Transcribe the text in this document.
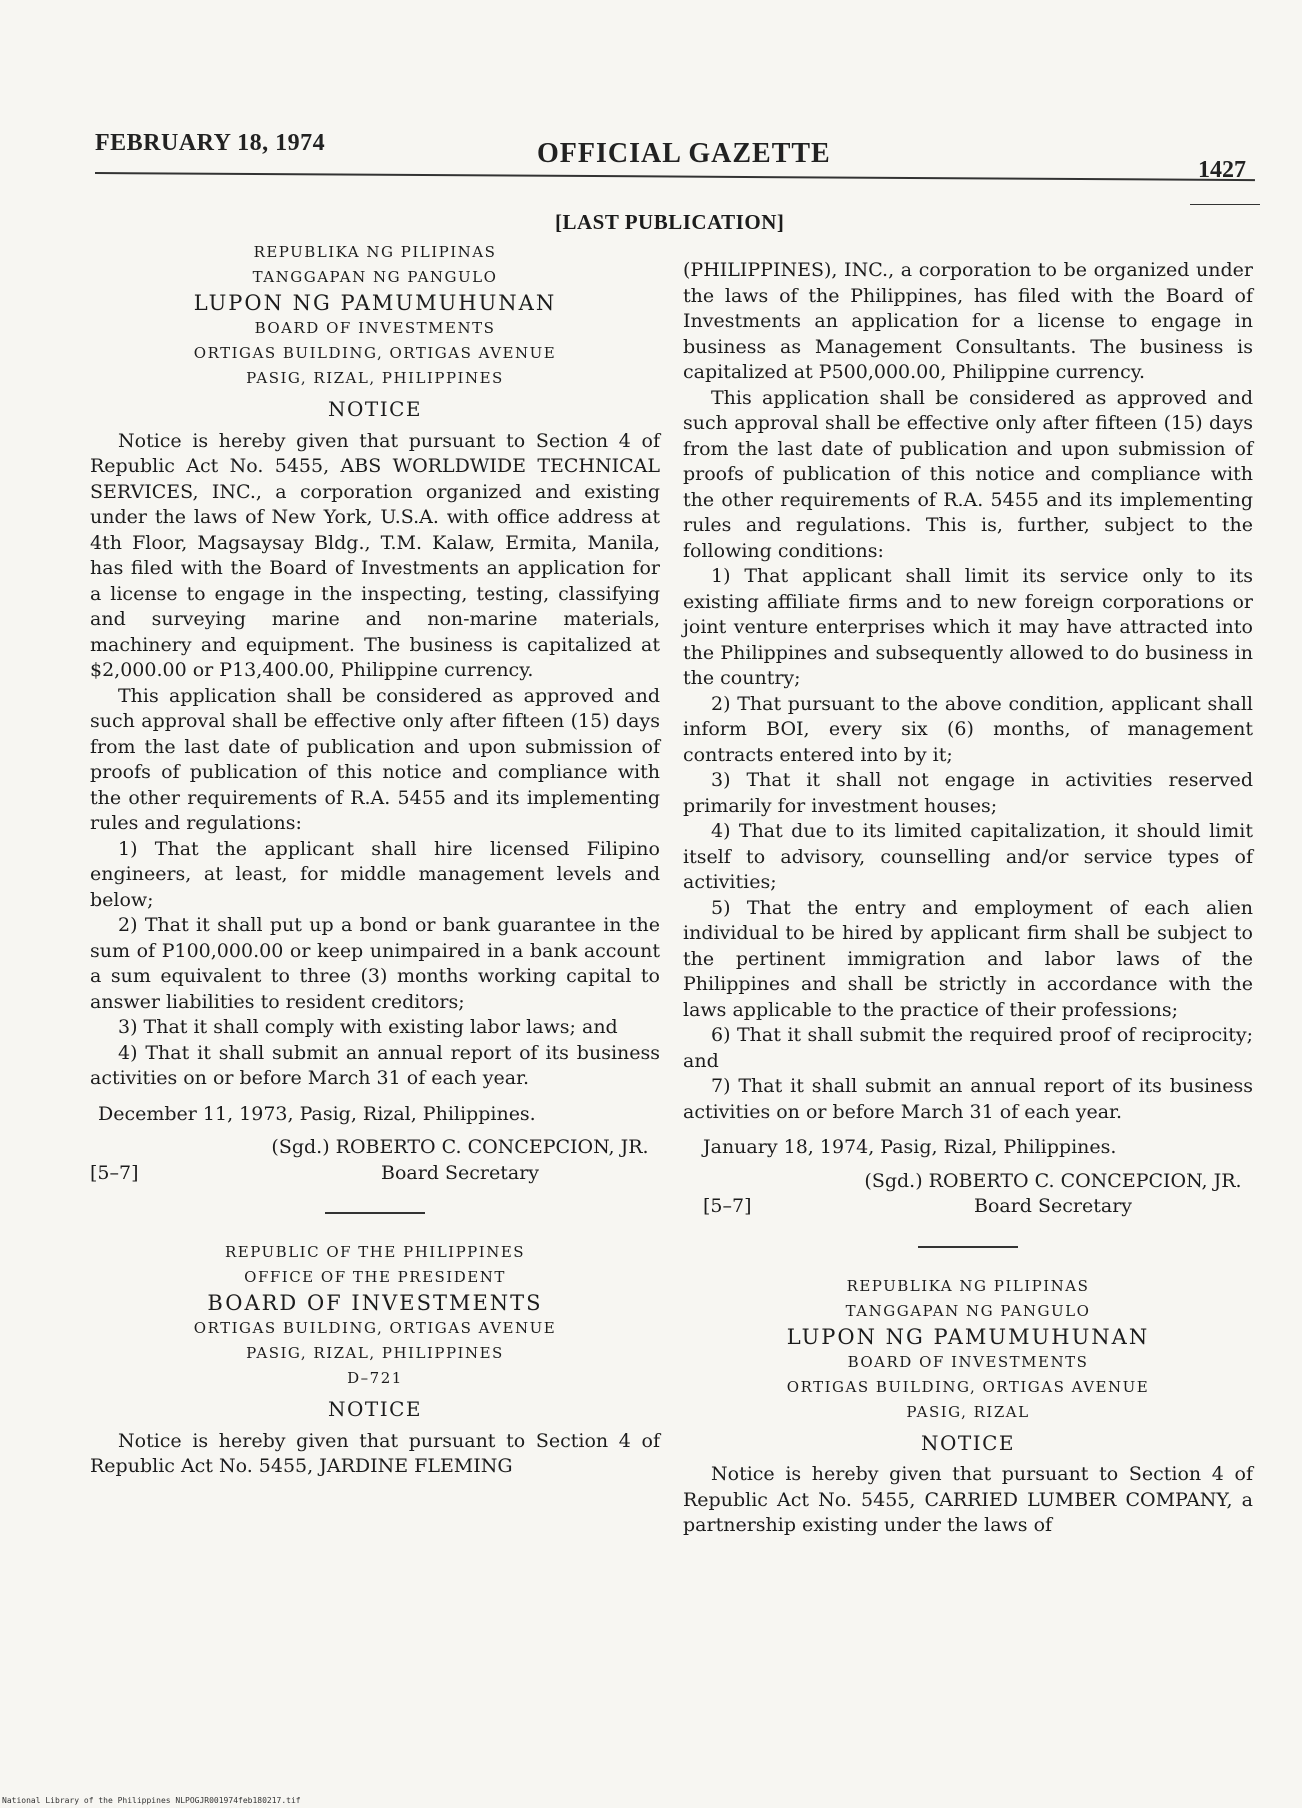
FEBRUARY 18, 1974	OFFICIAL GAZETTE
1427
[LAST PUBLICATION]
REPUBLIKA NG PILIPINAS
TANGGAPAN NG PANGULO
LUPON NG PAMUMUHUNAN
BOARD OF INVESTMENTS
ORTIGAS BUILDING, ORTIGAS AVENUE
PASIG, RIZAL, PHILIPPINES
NOTICE

Notice is hereby given that pursuant to Section 4 of Republic Act No. 5455, ABS WORLDWIDE TECHNICAL SERVICES, INC., a corporation organized and existing under the laws of New York, U.S.A. with office address at 4th Floor, Magsaysay Bldg., T.M. Kalaw, Ermita, Manila, has filed with the Board of Investments an application for a license to engage in the inspecting, testing, classifying and surveying marine and non-marine materials, machinery and equipment. The business is capitalized at $2,000.00 or P13,400.00, Philippine currency.

This application shall be considered as approved and such approval shall be effective only after fifteen (15) days from the last date of publication and upon submission of proofs of publication of this notice and compliance with the other requirements of R.A. 5455 and its implementing rules and regulations:

1) That the applicant shall hire licensed Filipino engineers, at least, for middle management levels and below;

2) That it shall put up a bond or bank guarantee in the sum of P100,000.00 or keep unimpaired in a bank account a sum equivalent to three (3) months working capital to answer liabilities to resident creditors;

3) That it shall comply with existing labor laws; and

4) That it shall submit an annual report of its business activities on or before March 31 of each year.

December 11, 1973, Pasig, Rizal, Philippines.

[5–7]
(Sgd.) ROBERTO C. CONCEPCION, JR.
Board Secretary
REPUBLIC OF THE PHILIPPINES
OFFICE OF THE PRESIDENT
BOARD OF INVESTMENTS
ORTIGAS BUILDING, ORTIGAS AVENUE
PASIG, RIZAL, PHILIPPINES
D–721
NOTICE

Notice is hereby given that pursuant to Section 4 of Republic Act No. 5455, JARDINE FLEMING

(PHILIPPINES), INC., a corporation to be organized under the laws of the Philippines, has filed with the Board of Investments an application for a license to engage in business as Management Consultants. The business is capitalized at P500,000.00, Philippine currency.

This application shall be considered as approved and such approval shall be effective only after fifteen (15) days from the last date of publication and upon submission of proofs of publication of this notice and compliance with the other requirements of R.A. 5455 and its implementing rules and regulations. This is, further, subject to the following conditions:

1) That applicant shall limit its service only to its existing affiliate firms and to new foreign corporations or joint venture enterprises which it may have attracted into the Philippines and subsequently allowed to do business in the country;

2) That pursuant to the above condition, applicant shall inform BOI, every six (6) months, of management contracts entered into by it;

3) That it shall not engage in activities reserved primarily for investment houses;

4) That due to its limited capitalization, it should limit itself to advisory, counselling and/or service types of activities;

5) That the entry and employment of each alien individual to be hired by applicant firm shall be subject to the pertinent immigration and labor laws of the Philippines and shall be strictly in accordance with the laws applicable to the practice of their professions;

6) That it shall submit the required proof of reciprocity; and

7) That it shall submit an annual report of its business activities on or before March 31 of each year.

January 18, 1974, Pasig, Rizal, Philippines.

[5–7]
(Sgd.) ROBERTO C. CONCEPCION, JR.
Board Secretary
REPUBLIKA NG PILIPINAS
TANGGAPAN NG PANGULO
LUPON NG PAMUMUHUNAN
BOARD OF INVESTMENTS
ORTIGAS BUILDING, ORTIGAS AVENUE
PASIG, RIZAL
NOTICE

Notice is hereby given that pursuant to Section 4 of Republic Act No. 5455, CARRIED LUMBER COMPANY, a partnership existing under the laws of

National Library of the Philippines NLPOGJR001974feb180217.tif
